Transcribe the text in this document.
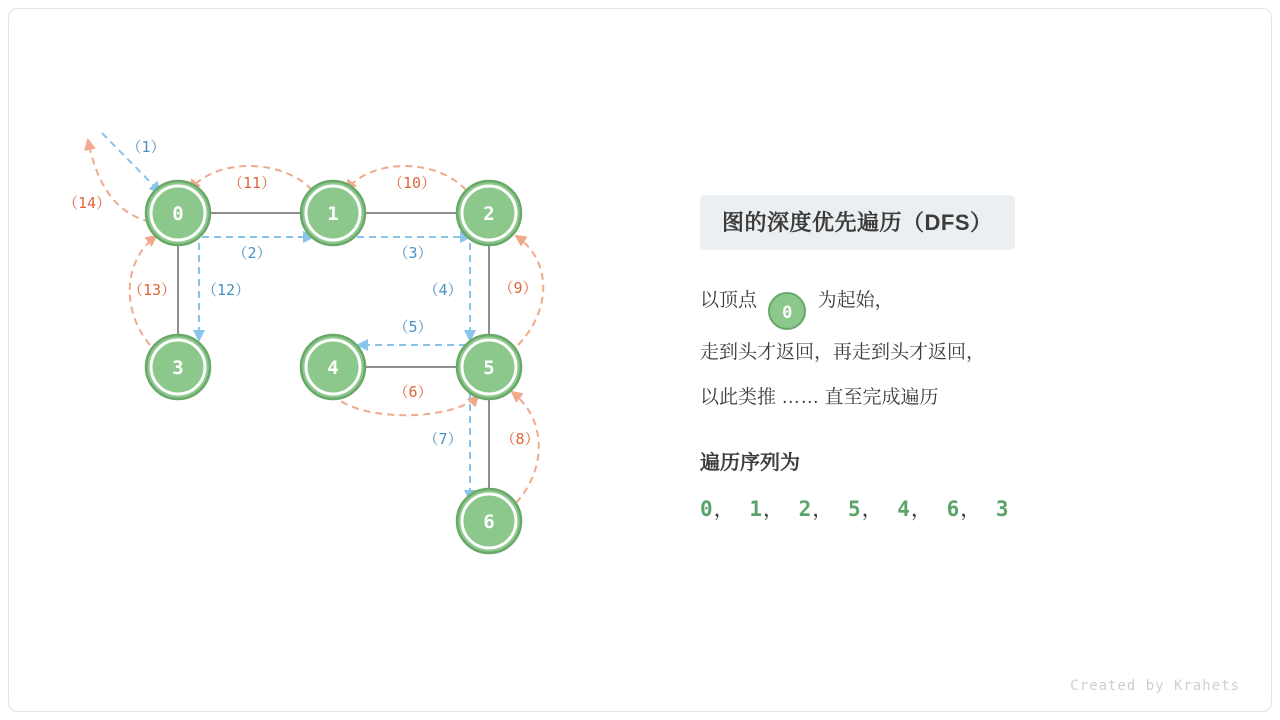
0	1	2
3	4	5
6
（1）
（2）	（3）
（4）
（5）
（6）
（7）	（8）
（9）
（10）
（11）
（12）
（13）
（14）
图的深度优先遍历（DFS）
以顶点 0 为起始，
走到头才返回，再走到头才返回，
以此类推 …… 直至完成遍历
遍历序列为
0， 1， 2， 5， 4， 6， 3
Created by Krahets
